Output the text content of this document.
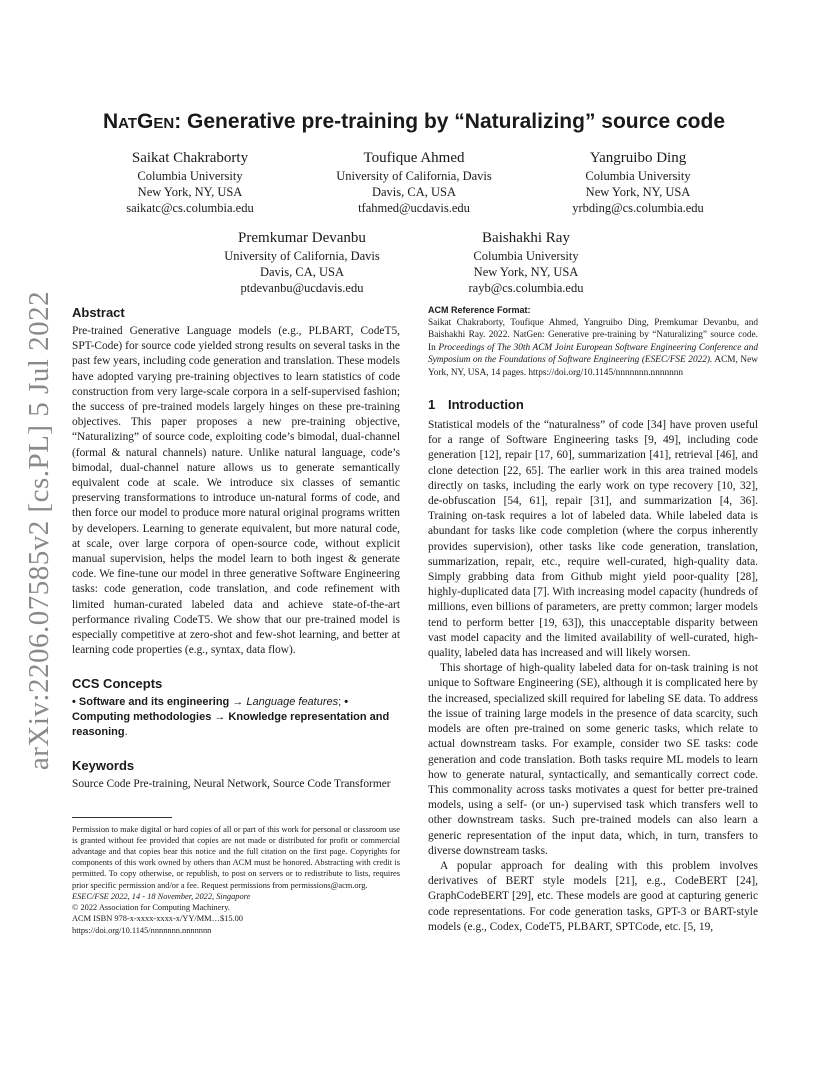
arXiv:2206.07585v2 [cs.PL] 5 Jul 2022
NatGen: Generative pre-training by “Naturalizing” source code
Saikat Chakraborty
Columbia University
New York, NY, USA
saikatc@cs.columbia.edu
Toufique Ahmed
University of California, Davis
Davis, CA, USA
tfahmed@ucdavis.edu
Yangruibo Ding
Columbia University
New York, NY, USA
yrbding@cs.columbia.edu
Premkumar Devanbu
University of California, Davis
Davis, CA, USA
ptdevanbu@ucdavis.edu
Baishakhi Ray
Columbia University
New York, NY, USA
rayb@cs.columbia.edu
Abstract

Pre-trained Generative Language models (e.g., PLBART, CodeT5, SPT-Code) for source code yielded strong results on several tasks in the past few years, including code generation and translation. These models have adopted varying pre-training objectives to learn statistics of code construction from very large-scale corpora in a self-supervised fashion; the success of pre-trained models largely hinges on these pre-training objectives. This paper proposes a new pre-training objective, “Naturalizing” of source code, exploiting code’s bimodal, dual-channel (formal & natural channels) nature. Unlike natural language, code’s bimodal, dual-channel nature allows us to generate semantically equivalent code at scale. We introduce six classes of semantic preserving transformations to introduce un-natural forms of code, and then force our model to produce more natural original programs written by developers. Learning to generate equivalent, but more natural code, at scale, over large corpora of open-source code, without explicit manual supervision, helps the model learn to both ingest & generate code. We fine-tune our model in three generative Software Engineering tasks: code generation, code translation, and code refinement with limited human-curated labeled data and achieve state-of-the-art performance rivaling CodeT5. We show that our pre-trained model is especially competitive at zero-shot and few-shot learning, and better at learning code properties (e.g., syntax, data flow).

CCS Concepts

• Software and its engineering → Language features; • Computing methodologies → Knowledge representation and reasoning.

Keywords

Source Code Pre-training, Neural Network, Source Code Transformer

Permission to make digital or hard copies of all or part of this work for personal or classroom use is granted without fee provided that copies are not made or distributed for profit or commercial advantage and that copies bear this notice and the full citation on the first page. Copyrights for components of this work owned by others than ACM must be honored. Abstracting with credit is permitted. To copy otherwise, or republish, to post on servers or to redistribute to lists, requires prior specific permission and/or a fee. Request permissions from permissions@acm.org.

ESEC/FSE 2022, 14 - 18 November, 2022, Singapore

© 2022 Association for Computing Machinery.

ACM ISBN 978-x-xxxx-xxxx-x/YY/MM…$15.00

https://doi.org/10.1145/nnnnnnn.nnnnnnn

ACM Reference Format:

Saikat Chakraborty, Toufique Ahmed, Yangruibo Ding, Premkumar Devanbu, and Baishakhi Ray. 2022. NatGen: Generative pre-training by “Naturalizing” source code. In Proceedings of The 30th ACM Joint European Software Engineering Conference and Symposium on the Foundations of Software Engineering (ESEC/FSE 2022). ACM, New York, NY, USA, 14 pages. https://doi.org/10.1145/nnnnnnn.nnnnnnn

1 Introduction

Statistical models of the “naturalness” of code [34] have proven useful for a range of Software Engineering tasks [9, 49], including code generation [12], repair [17, 60], summarization [41], retrieval [46], and clone detection [22, 65]. The earlier work in this area trained models directly on tasks, including the early work on type recovery [10, 32], de-obfuscation [54, 61], repair [31], and summarization [4, 36]. Training on-task requires a lot of labeled data. While labeled data is abundant for tasks like code completion (where the corpus inherently provides supervision), other tasks like code generation, translation, summarization, repair, etc., require well-curated, high-quality data. Simply grabbing data from Github might yield poor-quality [28], highly-duplicated data [7]. With increasing model capacity (hundreds of millions, even billions of parameters, are pretty common; larger models tend to perform better [19, 63]), this unacceptable disparity between vast model capacity and the limited availability of well-curated, high-quality, labeled data has increased and will likely worsen.

This shortage of high-quality labeled data for on-task training is not unique to Software Engineering (SE), although it is complicated here by the increased, specialized skill required for labeling SE data. To address the issue of training large models in the presence of data scarcity, such models are often pre-trained on some generic tasks, which relate to actual downstream tasks. For example, consider two SE tasks: code generation and code translation. Both tasks require ML models to learn how to generate natural, syntactically, and semantically correct code. This commonality across tasks motivates a quest for better pre-trained models, using a self- (or un-) supervised task which transfers well to other downstream tasks. Such pre-trained models can also learn a generic representation of the input data, which, in turn, transfers to diverse downstream tasks.

A popular approach for dealing with this problem involves derivatives of BERT style models [21], e.g., CodeBERT [24], GraphCodeBERT [29], etc. These models are good at capturing generic code representations. For code generation tasks, GPT-3 or BART-style models (e.g., Codex, CodeT5, PLBART, SPTCode, etc. [5, 19,
